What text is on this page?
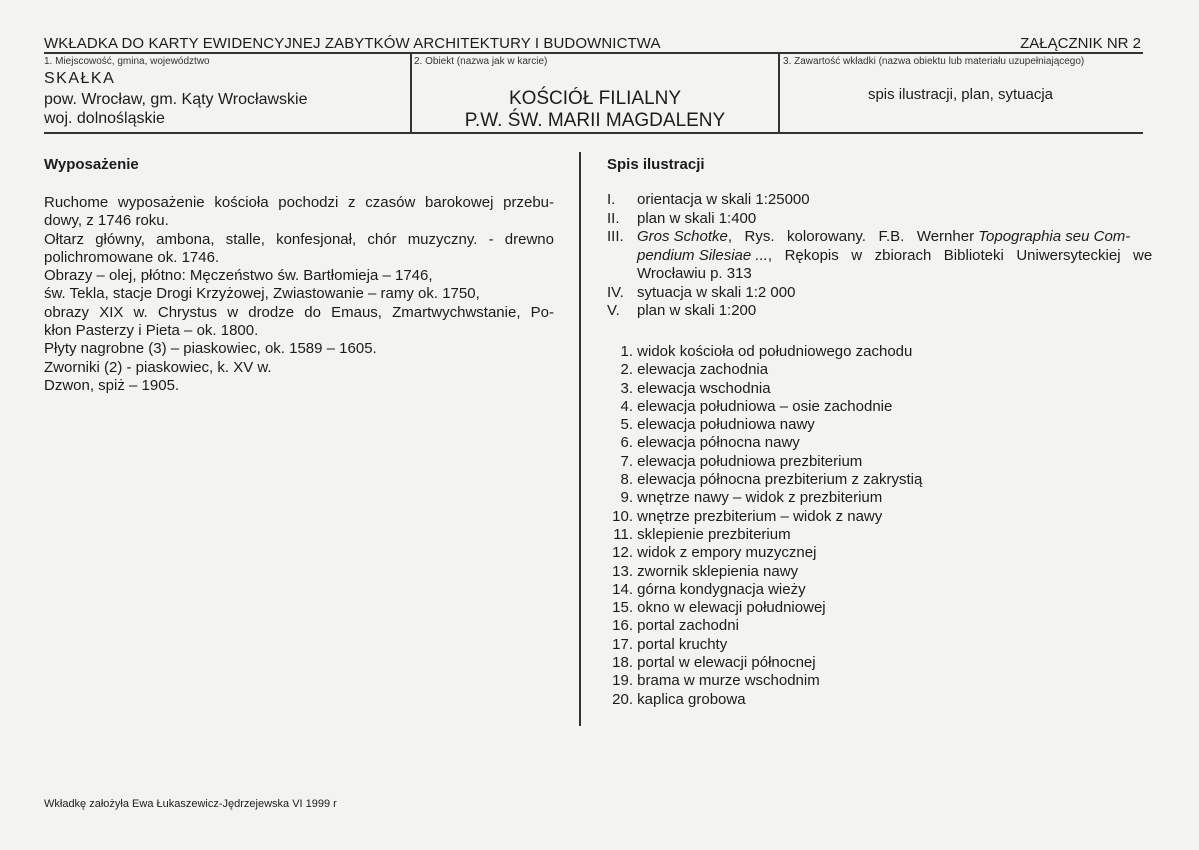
WKŁADKA DO KARTY EWIDENCYJNEJ ZABYTKÓW ARCHITEKTURY I BUDOWNICTWA	ZAŁĄCZNIK NR 2
1. Miejscowość, gmina, województwo
SKAŁKA
pow. Wrocław, gm. Kąty Wrocławskie
woj. dolnośląskie
2. Obiekt (nazwa jak w karcie)
KOŚCIÓŁ FILIALNY
P.W. ŚW. MARII MAGDALENY
3. Zawartość wkładki (nazwa obiektu lub materiału uzupełniającego)
spis ilustracji, plan, sytuacja
Wyposażenie
Ruchome wyposażenie kościoła pochodzi z czasów barokowej przebu-
dowy, z 1746 roku.
Ołtarz główny, ambona, stalle, konfesjonał, chór muzyczny. - drewno
polichromowane ok. 1746.
Obrazy – olej, płótno: Męczeństwo św. Bartłomieja – 1746,
św. Tekla, stacje Drogi Krzyżowej, Zwiastowanie – ramy ok. 1750,
obrazy XIX w. Chrystus w drodze do Emaus, Zmartwychwstanie, Po-
kłon Pasterzy i Pieta – ok. 1800.
Płyty nagrobne (3) – piaskowiec, ok. 1589 – 1605.
Zworniki (2) - piaskowiec, k. XV w.
Dzwon, spiż – 1905.
Spis ilustracji
I. orientacja w skali 1:25000
II. plan w skali 1:400
III. Gros Schotke,   Rys.   kolorowany.   F.B.   Wernher Topographia seu Com-
pendium Silesiae ...,   Rękopis   w   zbiorach   Biblioteki   Uniwersyteckiej   we
Wrocławiu p. 313
IV. sytuacja w skali 1:2 000
V. plan w skali 1:200
1. widok kościoła od południowego zachodu
2. elewacja zachodnia
3. elewacja wschodnia
4. elewacja południowa – osie zachodnie
5. elewacja południowa nawy
6. elewacja północna nawy
7. elewacja południowa prezbiterium
8. elewacja północna prezbiterium z zakrystią
9. wnętrze nawy – widok z prezbiterium
10. wnętrze prezbiterium – widok z nawy
11. sklepienie prezbiterium
12. widok z empory muzycznej
13. zwornik sklepienia nawy
14. górna kondygnacja wieży
15. okno w elewacji południowej
16. portal zachodni
17. portal kruchty
18. portal w elewacji północnej
19. brama w murze wschodnim
20. kaplica grobowa
Wkładkę założyła Ewa Łukaszewicz-Jędrzejewska VI 1999 r
